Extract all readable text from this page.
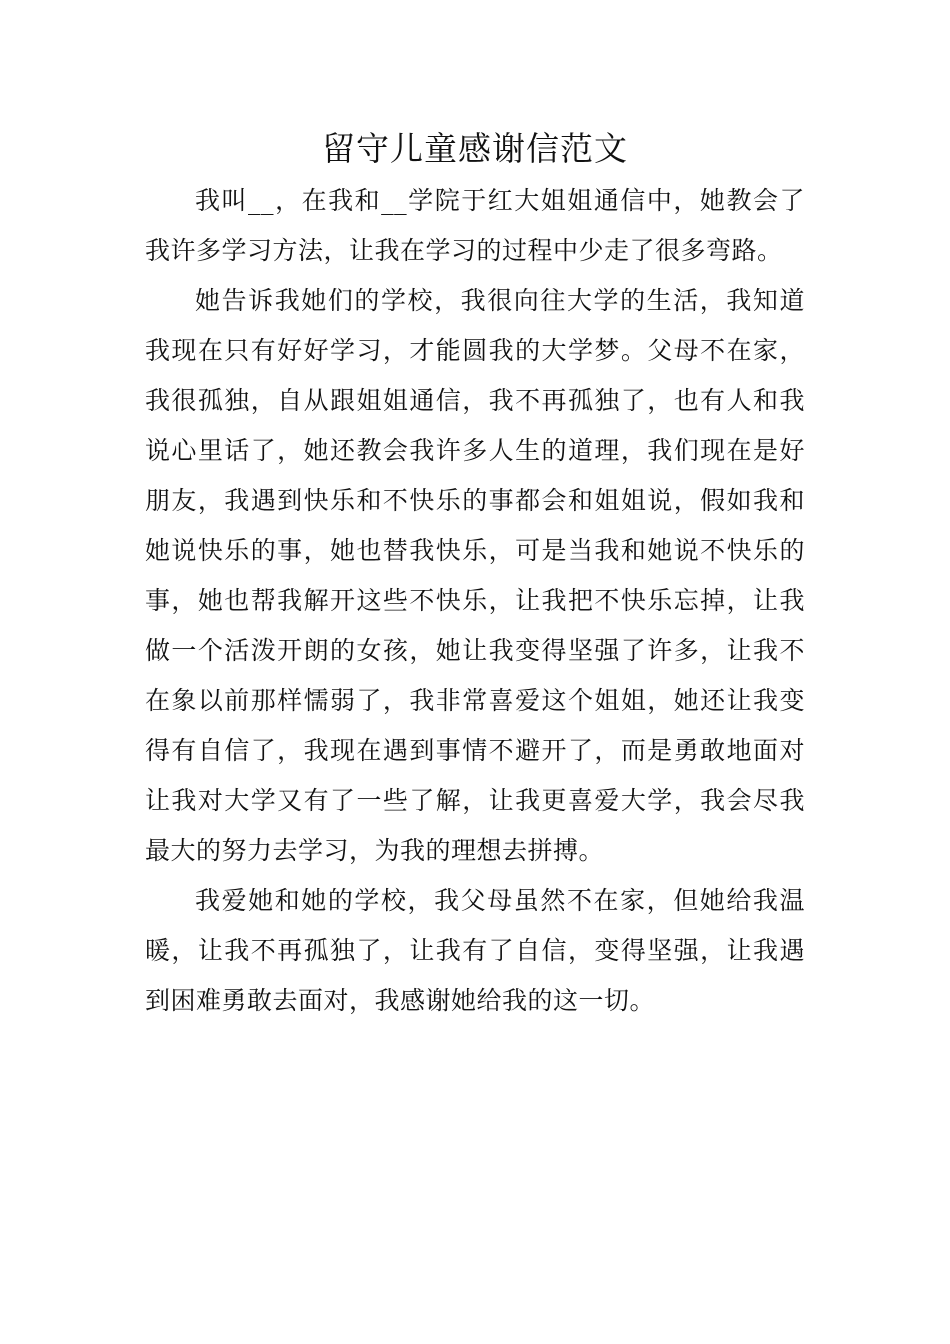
留守儿童感谢信范文

我叫__，在我和__学院于红大姐姐通信中，她教会了我许多学习方法，让我在学习的过程中少走了很多弯路。

她告诉我她们的学校，我很向往大学的生活，我知道我现在只有好好学习，才能圆我的大学梦。父母不在家，我很孤独，自从跟姐姐通信，我不再孤独了，也有人和我说心里话了，她还教会我许多人生的道理，我们现在是好朋友，我遇到快乐和不快乐的事都会和姐姐说，假如我和她说快乐的事，她也替我快乐，可是当我和她说不快乐的事，她也帮我解开这些不快乐，让我把不快乐忘掉，让我做一个活泼开朗的女孩，她让我变得坚强了许多，让我不在象以前那样懦弱了，我非常喜爱这个姐姐，她还让我变得有自信了，我现在遇到事情不避开了，而是勇敢地面对让我对大学又有了一些了解，让我更喜爱大学，我会尽我最大的努力去学习，为我的理想去拼搏。

我爱她和她的学校，我父母虽然不在家，但她给我温暖，让我不再孤独了，让我有了自信，变得坚强，让我遇到困难勇敢去面对，我感谢她给我的这一切。
